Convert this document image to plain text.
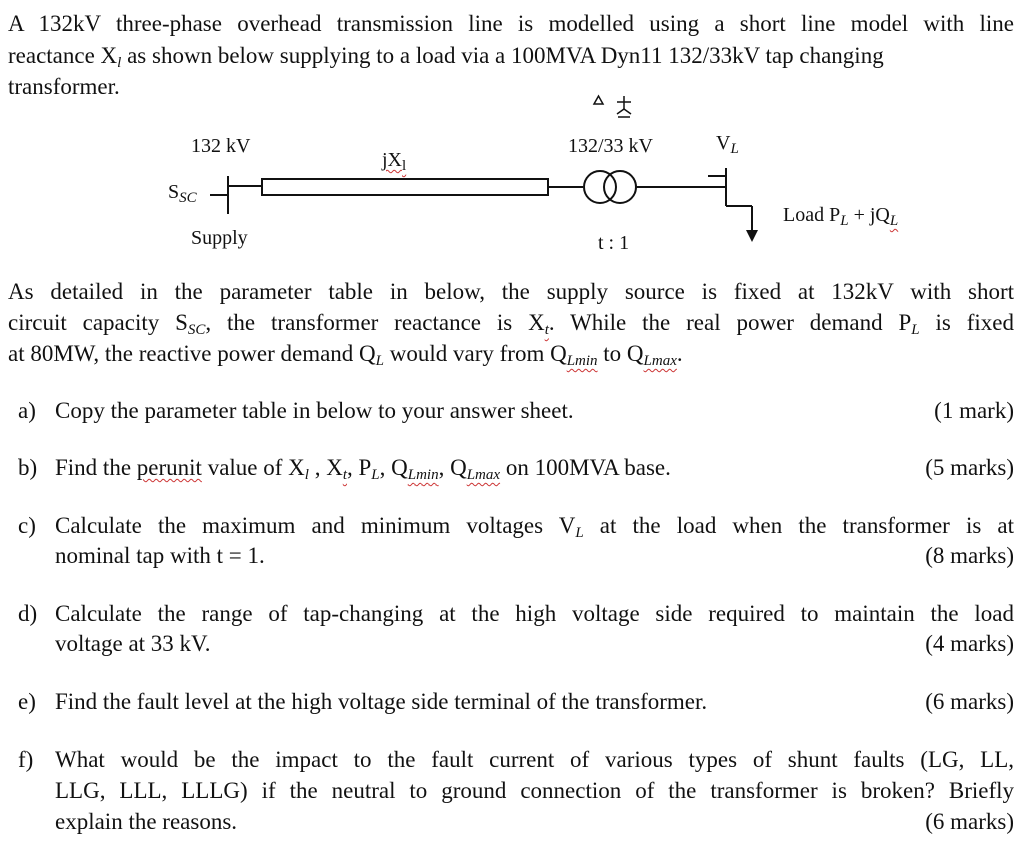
A 132kV three-phase overhead transmission line is modelled using a short line model with line
reactance $X_l$ as shown below supplying to a load via a 100MVA Dyn11 132/33kV tap changing
transformer.
132 kV
$jX_l$
$S_{SC}$
Supply
132/33 kV
t : 1
$V_L$
Load $P_L + jQ_L$
As detailed in the parameter table in below, the supply source is fixed at 132kV with short
circuit capacity $S_{SC}$, the transformer reactance is $X_t$. While the real power demand $P_L$ is fixed
at 80MW, the reactive power demand $Q_L$ would vary from $Q_{Lmin}$ to $Q_{Lmax}$.
a) Copy the parameter table in below to your answer sheet.	(1 mark)
b) Find the perunit value of $X_l$ , $X_t$, $P_L$, $Q_{Lmin}$, $Q_{Lmax}$ on 100MVA base.	(5 marks)
c) Calculate the maximum and minimum voltages $V_L$ at the load when the transformer is at
nominal tap with t = 1.	(8 marks)
d) Calculate the range of tap-changing at the high voltage side required to maintain the load
voltage at 33 kV.	(4 marks)
e) Find the fault level at the high voltage side terminal of the transformer.	(6 marks)
f) What would be the impact to the fault current of various types of shunt faults (LG, LL,
LLG, LLL, LLLG) if the neutral to ground connection of the transformer is broken? Briefly
explain the reasons.	(6 marks)
